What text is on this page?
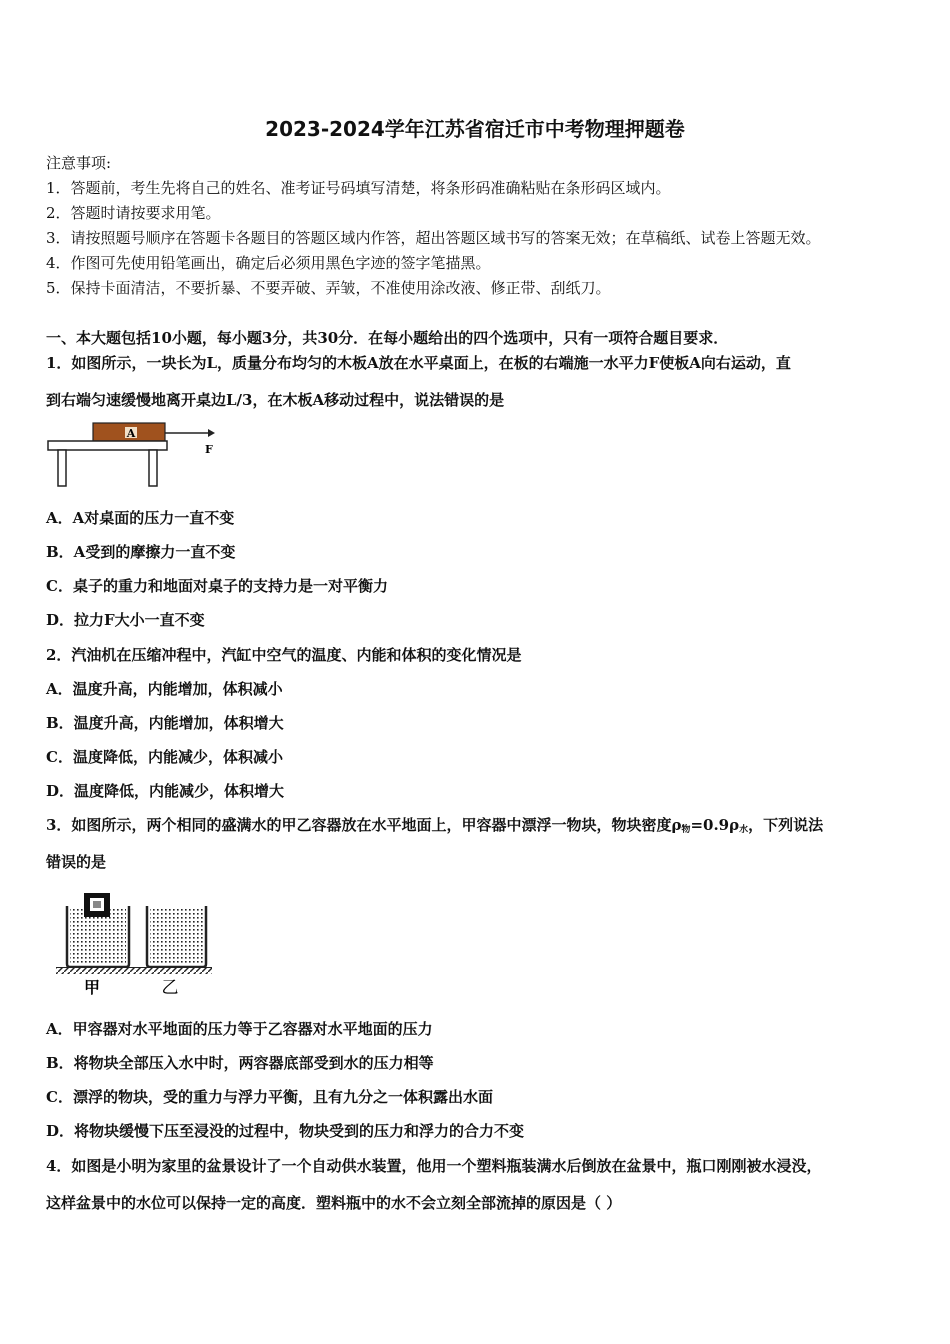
2023-2024学年江苏省宿迁市中考物理押题卷
注意事项:
1．答题前，考生先将自己的姓名、准考证号码填写清楚，将条形码准确粘贴在条形码区域内。
2．答题时请按要求用笔。
3．请按照题号顺序在答题卡各题目的答题区域内作答，超出答题区域书写的答案无效；在草稿纸、试卷上答题无效。
4．作图可先使用铅笔画出，确定后必须用黑色字迹的签字笔描黑。
5．保持卡面清洁，不要折暴、不要弄破、弄皱，不准使用涂改液、修正带、刮纸刀。
一、本大题包括10小题，每小题3分，共30分．在每小题给出的四个选项中，只有一项符合题目要求．
1．如图所示，一块长为L，质量分布均匀的木板A放在水平桌面上，在板的右端施一水平力F使板A向右运动，直
到右端匀速缓慢地离开桌边L/3，在木板A移动过程中，说法错误的是
A
F
A．A对桌面的压力一直不变
B．A受到的摩擦力一直不变
C．桌子的重力和地面对桌子的支持力是一对平衡力
D．拉力F大小一直不变
2．汽油机在压缩冲程中，汽缸中空气的温度、内能和体积的变化情况是
A．温度升高，内能增加，体积减小
B．温度升高，内能增加，体积增大
C．温度降低，内能减少，体积减小
D．温度降低，内能减少，体积增大
3．如图所示，两个相同的盛满水的甲乙容器放在水平地面上，甲容器中漂浮一物块，物块密度$\rho_物=0.9\rho_水$，下列说法
错误的是
甲	乙
A．甲容器对水平地面的压力等于乙容器对水平地面的压力
B．将物块全部压入水中时，两容器底部受到水的压力相等
C．漂浮的物块，受的重力与浮力平衡，且有九分之一体积露出水面
D．将物块缓慢下压至浸没的过程中，物块受到的压力和浮力的合力不变
4．如图是小明为家里的盆景设计了一个自动供水装置，他用一个塑料瓶装满水后倒放在盆景中，瓶口刚刚被水浸没，
这样盆景中的水位可以保持一定的高度．塑料瓶中的水不会立刻全部流掉的原因是（ ）
